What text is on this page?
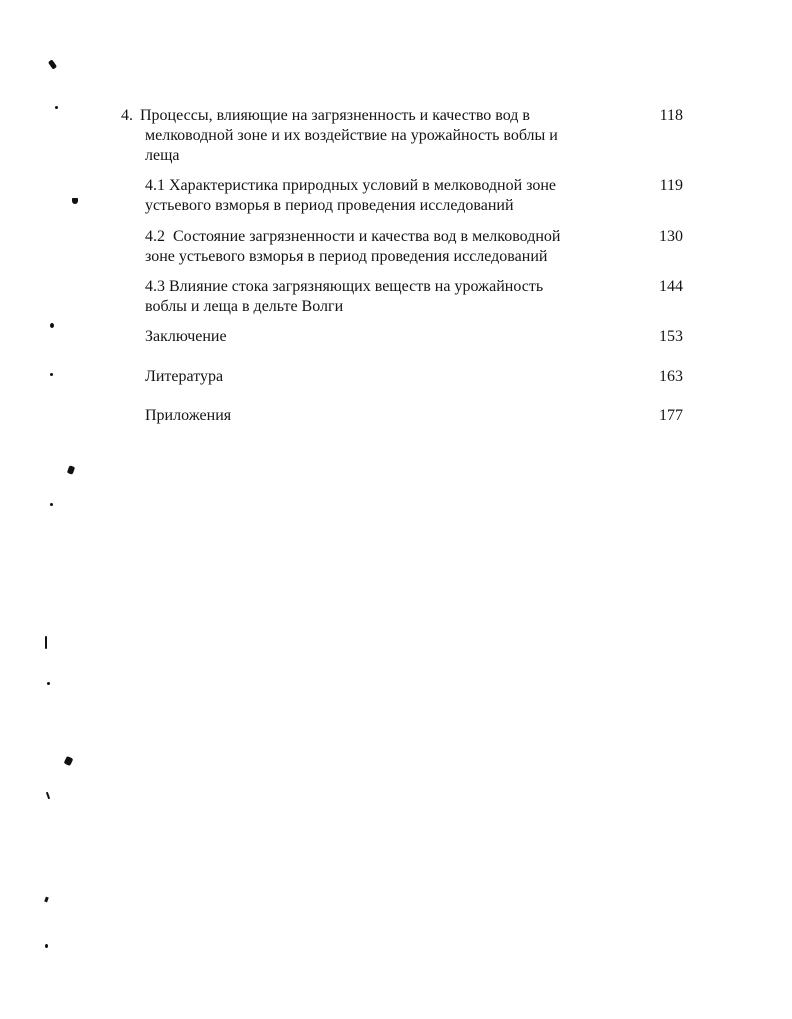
4. Процессы, влияющие на загрязненность и качество вод в
мелководной зоне и их воздействие на урожайность воблы и
леща
118
4.1 Характеристика природных условий в мелководной зоне
устьевого взморья в период проведения исследований
119
4.2  Состояние загрязненности и качества вод в мелководной
зоне устьевого взморья в период проведения исследований
130
4.3 Влияние стока загрязняющих веществ на урожайность
воблы и леща в дельте Волги
144
Заключение	153
Литература	163
Приложения	177
